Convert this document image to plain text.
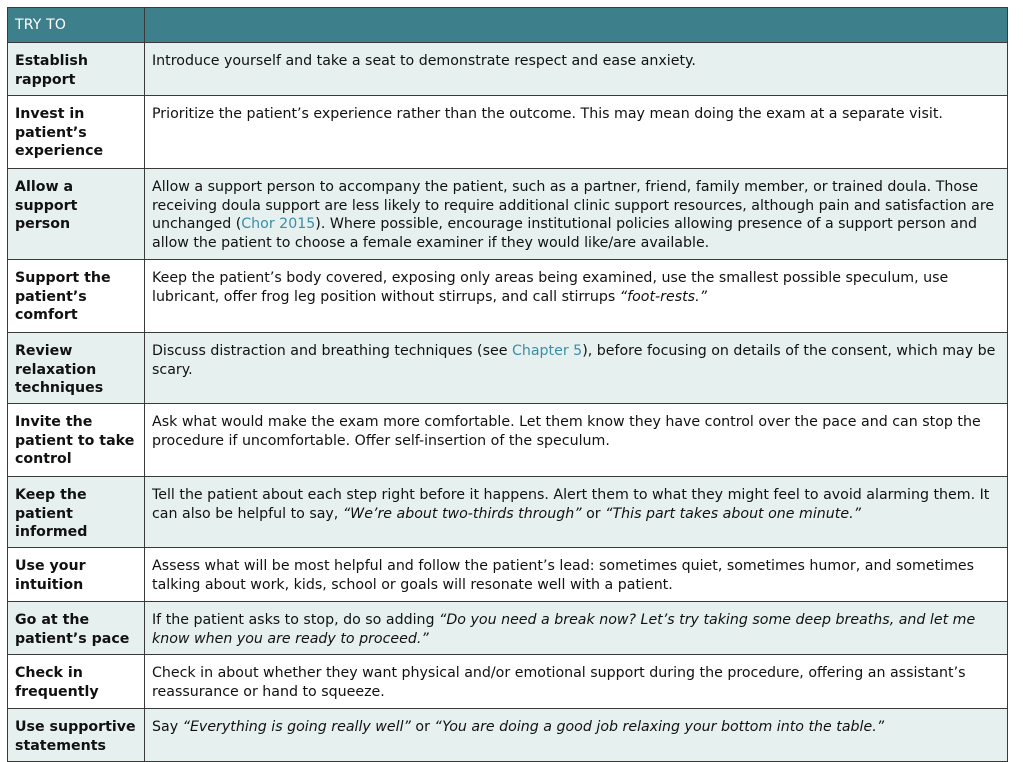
TRY TO	
Establish rapport	Introduce yourself and take a seat to demonstrate respect and ease anxiety.
Invest in patient’s experience	Prioritize the patient’s experience rather than the outcome. This may mean doing the exam at a separate visit.
Allow a support person	Allow a support person to accompany the patient, such as a partner, friend, family member, or trained doula. Those receiving doula support are less likely to require additional clinic support resources, although pain and satisfaction are unchanged (Chor 2015). Where possible, encourage institutional policies allowing presence of a support person and allow the patient to choose a female examiner if they would like/are available.
Support the patient’s comfort	Keep the patient’s body covered, exposing only areas being examined, use the smallest possible speculum, use lubricant, offer frog leg position without stirrups, and call stirrups “foot-rests.”
Review relaxation techniques	Discuss distraction and breathing techniques (see Chapter 5), before focusing on details of the consent, which may be scary.
Invite the patient to take control	Ask what would make the exam more comfortable. Let them know they have control over the pace and can stop the procedure if uncomfortable. Offer self-insertion of the speculum.
Keep the patient informed	Tell the patient about each step right before it happens. Alert them to what they might feel to avoid alarming them. It can also be helpful to say, “We’re about two-thirds through” or “This part takes about one minute.”
Use your intuition	Assess what will be most helpful and follow the patient’s lead: sometimes quiet, sometimes humor, and sometimes talking about work, kids, school or goals will resonate well with a patient.
Go at the patient’s pace	If the patient asks to stop, do so adding “Do you need a break now? Let’s try taking some deep breaths, and let me know when you are ready to proceed.”
Check in frequently	Check in about whether they want physical and/or emotional support during the procedure, offering an assistant’s reassurance or hand to squeeze.
Use supportive statements	Say “Everything is going really well” or “You are doing a good job relaxing your bottom into the table.”
